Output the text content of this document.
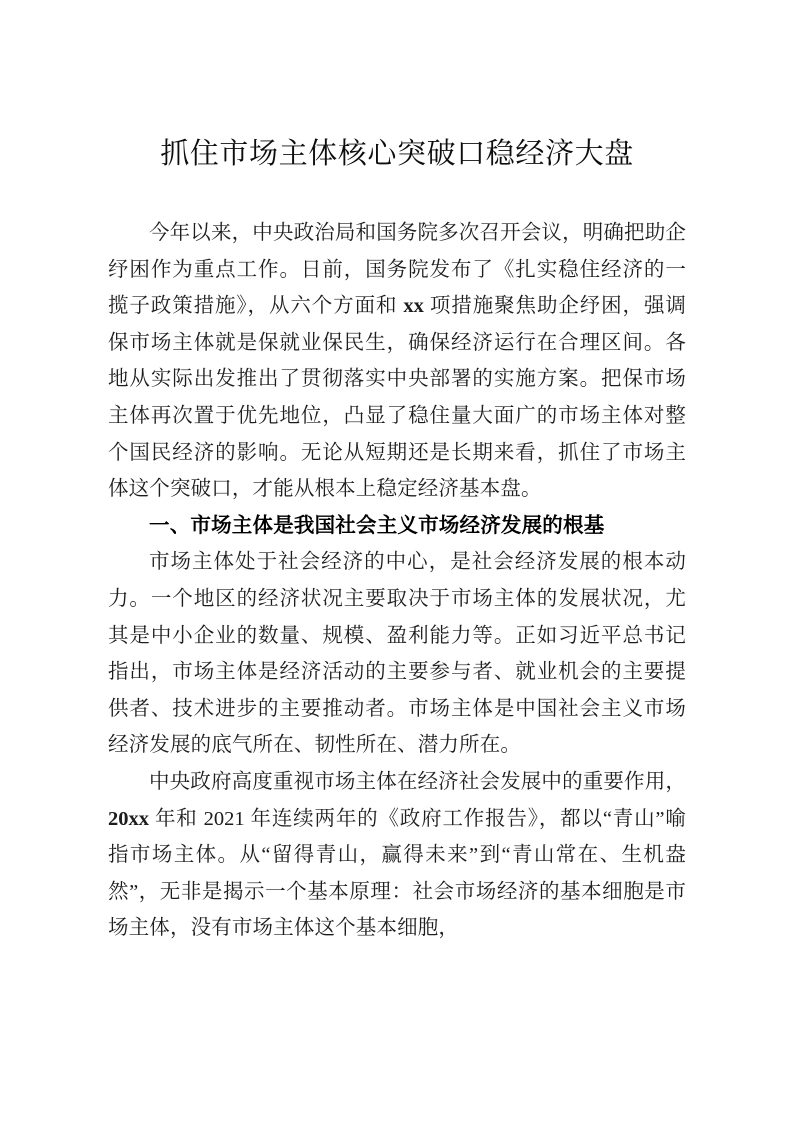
抓住市场主体核心突破口稳经济大盘

今年以来，中央政治局和国务院多次召开会议，明确把助企纾困作为重点工作。日前，国务院发布了《扎实稳住经济的一揽子政策措施》，从六个方面和 xx 项措施聚焦助企纾困，强调保市场主体就是保就业保民生，确保经济运行在合理区间。各地从实际出发推出了贯彻落实中央部署的实施方案。把保市场主体再次置于优先地位，凸显了稳住量大面广的市场主体对整个国民经济的影响。无论从短期还是长期来看，抓住了市场主体这个突破口，才能从根本上稳定经济基本盘。

一、市场主体是我国社会主义市场经济发展的根基

市场主体处于社会经济的中心，是社会经济发展的根本动力。一个地区的经济状况主要取决于市场主体的发展状况，尤其是中小企业的数量、规模、盈利能力等。正如习近平总书记指出，市场主体是经济活动的主要参与者、就业机会的主要提供者、技术进步的主要推动者。市场主体是中国社会主义市场经济发展的底气所在、韧性所在、潜力所在。

中央政府高度重视市场主体在经济社会发展中的重要作用，20xx 年和 2021 年连续两年的《政府工作报告》，都以“青山”喻指市场主体。从“留得青山，赢得未来”到“青山常在、生机盎然”，无非是揭示一个基本原理：社会市场经济的基本细胞是市场主体，没有市场主体这个基本细胞，
